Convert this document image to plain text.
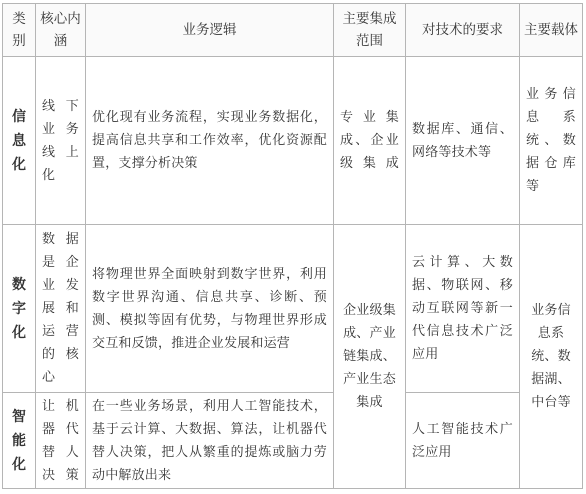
类别	核心内涵	业务逻辑	主要集成范围	对技术的要求	主要载体
信息化	线下业务线上化	优化现有业务流程，实现业务数据化，提高信息共享和工作效率，优化资源配置，支撑分析决策	专业集成、企业级集成	数据库、通信、网络等技术等	业务信息系统、数据仓库等
数字化	数据是企业发展和运营的核心	将物理世界全面映射到数字世界，利用数字世界沟通、信息共享、诊断、预测、模拟等固有优势，与物理世界形成交互和反馈，推进企业发展和运营	企业级集成、产业链集成、产业生态集成	云计算、大数据、物联网、移动互联网等新一代信息技术广泛应用	业务信息系统、数据湖、中台等
智能化	让机器代替人决策	在一些业务场景，利用人工智能技术，基于云计算、大数据、算法，让机器代替人决策，把人从繁重的提炼或脑力劳动中解放出来		人工智能技术广泛应用	
